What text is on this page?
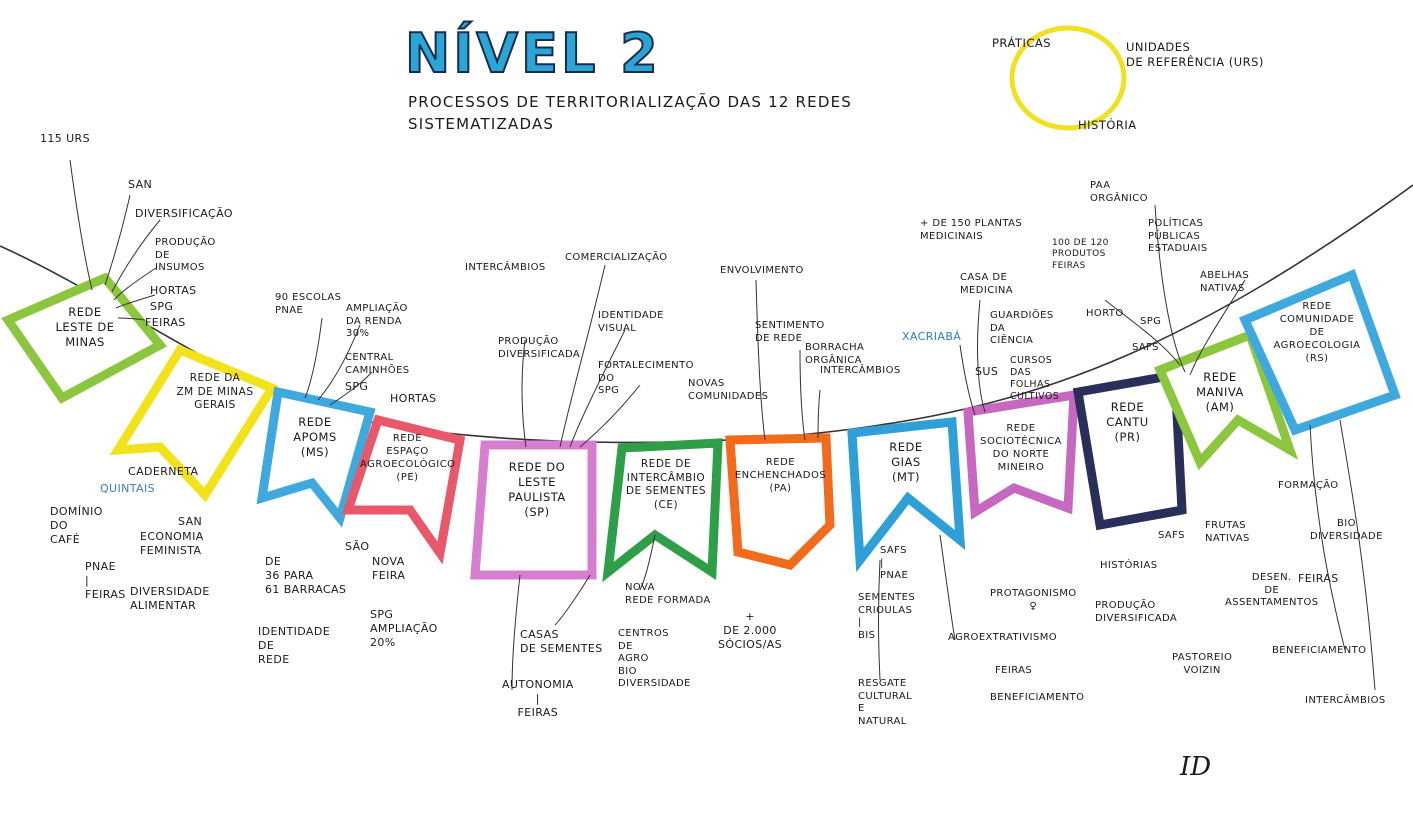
NÍVEL 2
PROCESSOS DE TERRITORIALIZAÇÃO DAS 12 REDES SISTEMATIZADAS
PRÁTICAS	UNIDADES
DE REFERÊNCIA (URS)
HISTÓRIA
REDE
LESTE DE
MINAS
REDE DA
ZM DE MINAS
GERAIS
REDE
APOMS
(MS)
REDE
ESPAÇO
AGROECOLÓGICO
(PE)
REDE DO
LESTE
PAULISTA
(SP)
REDE DE
INTERCÂMBIO
DE SEMENTES
(CE)
REDE
ENCHENCHADOS
(PA)
REDE
GIAS
(MT)
REDE
SOCIOTÉCNICA
DO NORTE
MINEIRO
REDE
CANTU
(PR)
REDE
MANIVA
(AM)
REDE
COMUNIDADE
DE
AGROECOLOGIA
(RS)
115 URS
SAN
DIVERSIFICAÇÃO
PRODUÇÃO
DE
INSUMOS
HORTAS
SPG
FEIRAS
CADERNETA
QUINTAIS
DOMÍNIO
DO
CAFÉ
SAN
ECONOMIA
FEMINISTA
PNAE
|
FEIRAS DIVERSIDADE
ALIMENTAR
90 ESCOLAS
PNAE	AMPLIAÇÃO
DA RENDA
30%
CENTRAL
CAMINHÕES
SPG
HORTAS
SÃO
DE
36 PARA
61 BARRACAS
NOVA
FEIRA
IDENTIDADE
DE
REDE
SPG
AMPLIAÇÃO
20%
INTERCÂMBIOS
COMERCIALIZAÇÃO
PRODUÇÃO
DIVERSIFICADA
IDENTIDADE
VISUAL
FORTALECIMENTO
DO
SPG
CASAS
DE SEMENTES
AUTONOMIA
|
FEIRAS
CENTROS
DE
AGRO
BIO
DIVERSIDADE
NOVA
REDE FORMADA
+
DE 2.000
SÓCIOS/AS
ENVOLVIMENTO
SENTIMENTO
DE REDE
BORRACHA
ORGÂNICA
NOVAS
COMUNIDADES
INTERCÂMBIOS
+ DE 150 PLANTAS
MEDICINAIS
CASA DE
MEDICINA
XACRIABÁ
GUARDIÕES
DA
CIÊNCIA
SUS
CURSOS
DAS
FOLHAS
CULTIVOS
SAFS
|
PNAE
SEMENTES
CRIOULAS
|
BIS
RESGATE
CULTURAL
E
NATURAL
PROTAGONISMO
♀
AGROEXTRATIVISMO
FEIRAS
BENEFICIAMENTO
PAA
ORGÂNICO
POLÍTICAS
PÚBLICAS
ESTADUAIS
100 DE 120
PRODUTOS
FEIRAS
HORTO
SPG
SAFS
ABELHAS
NATIVAS
HISTÓRIAS
PRODUÇÃO
DIVERSIFICADA
SAFS
FRUTAS
NATIVAS
DESEN.
DE
ASSENTAMENTOS
PASTOREIO
VOIZIN
FORMAÇÃO
BIO
DIVERSIDADE
FEIRAS
BENEFICIAMENTO
INTERCÂMBIOS
ID
